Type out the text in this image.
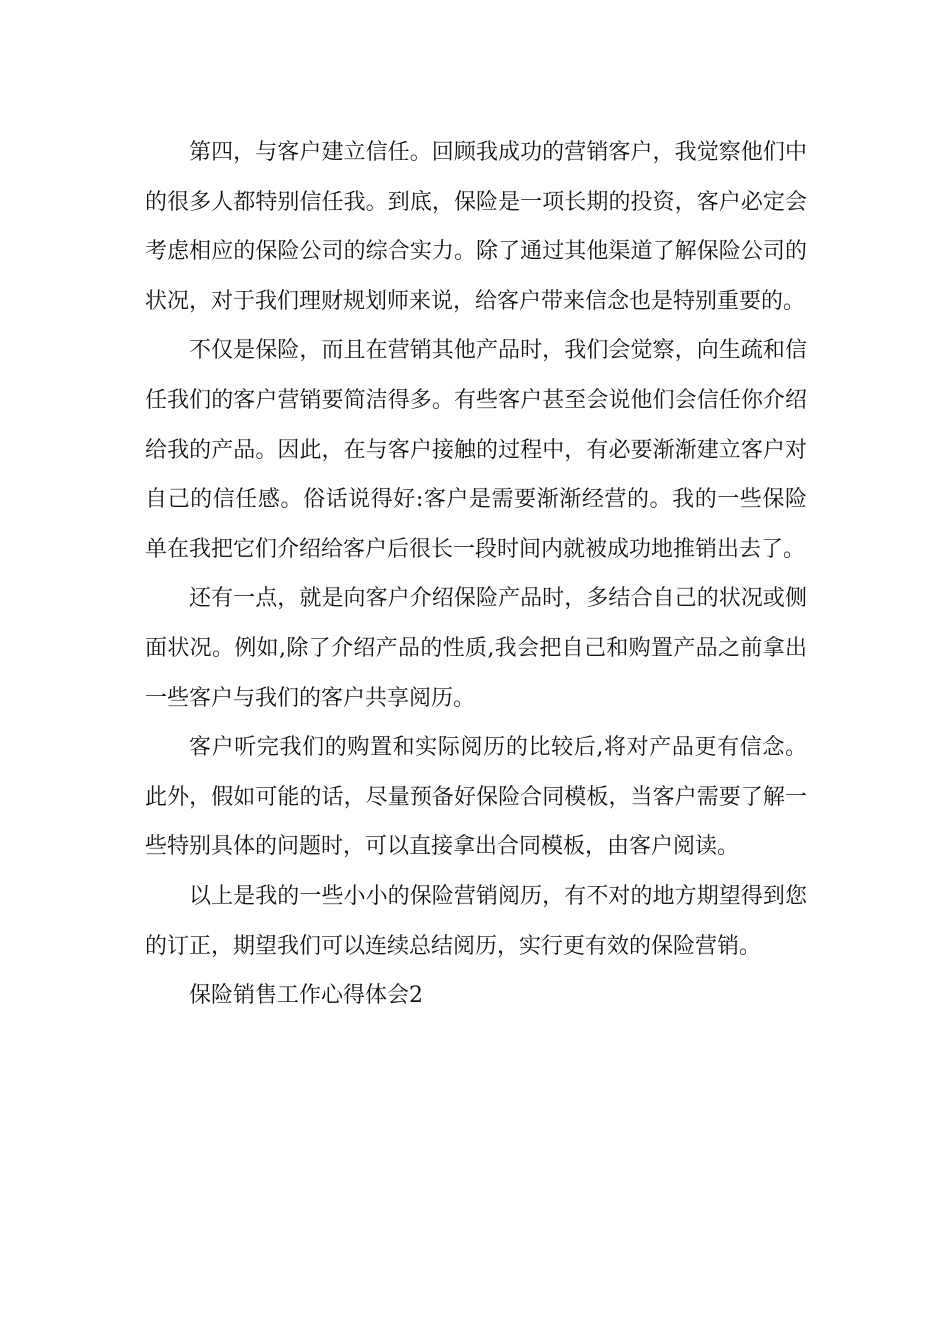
第四，与客户建立信任。回顾我成功的营销客户，我觉察他们中的很多人都特别信任我。到底，保险是一项长期的投资，客户必定会考虑相应的保险公司的综合实力。除了通过其他渠道了解保险公司的状况，对于我们理财规划师来说，给客户带来信念也是特别重要的。

不仅是保险，而且在营销其他产品时，我们会觉察，向生疏和信任我们的客户营销要简洁得多。有些客户甚至会说他们会信任你介绍给我的产品。因此，在与客户接触的过程中，有必要渐渐建立客户对自己的信任感。俗话说得好:客户是需要渐渐经营的。我的一些保险单在我把它们介绍给客户后很长一段时间内就被成功地推销出去了。

还有一点，就是向客户介绍保险产品时，多结合自己的状况或侧面状况。例如,除了介绍产品的性质,我会把自己和购置产品之前拿出一些客户与我们的客户共享阅历。

客户听完我们的购置和实际阅历的比较后,将对产品更有信念。此外，假如可能的话，尽量预备好保险合同模板，当客户需要了解一些特别具体的问题时，可以直接拿出合同模板，由客户阅读。

以上是我的一些小小的保险营销阅历，有不对的地方期望得到您的订正，期望我们可以连续总结阅历，实行更有效的保险营销。

保险销售工作心得体会2
